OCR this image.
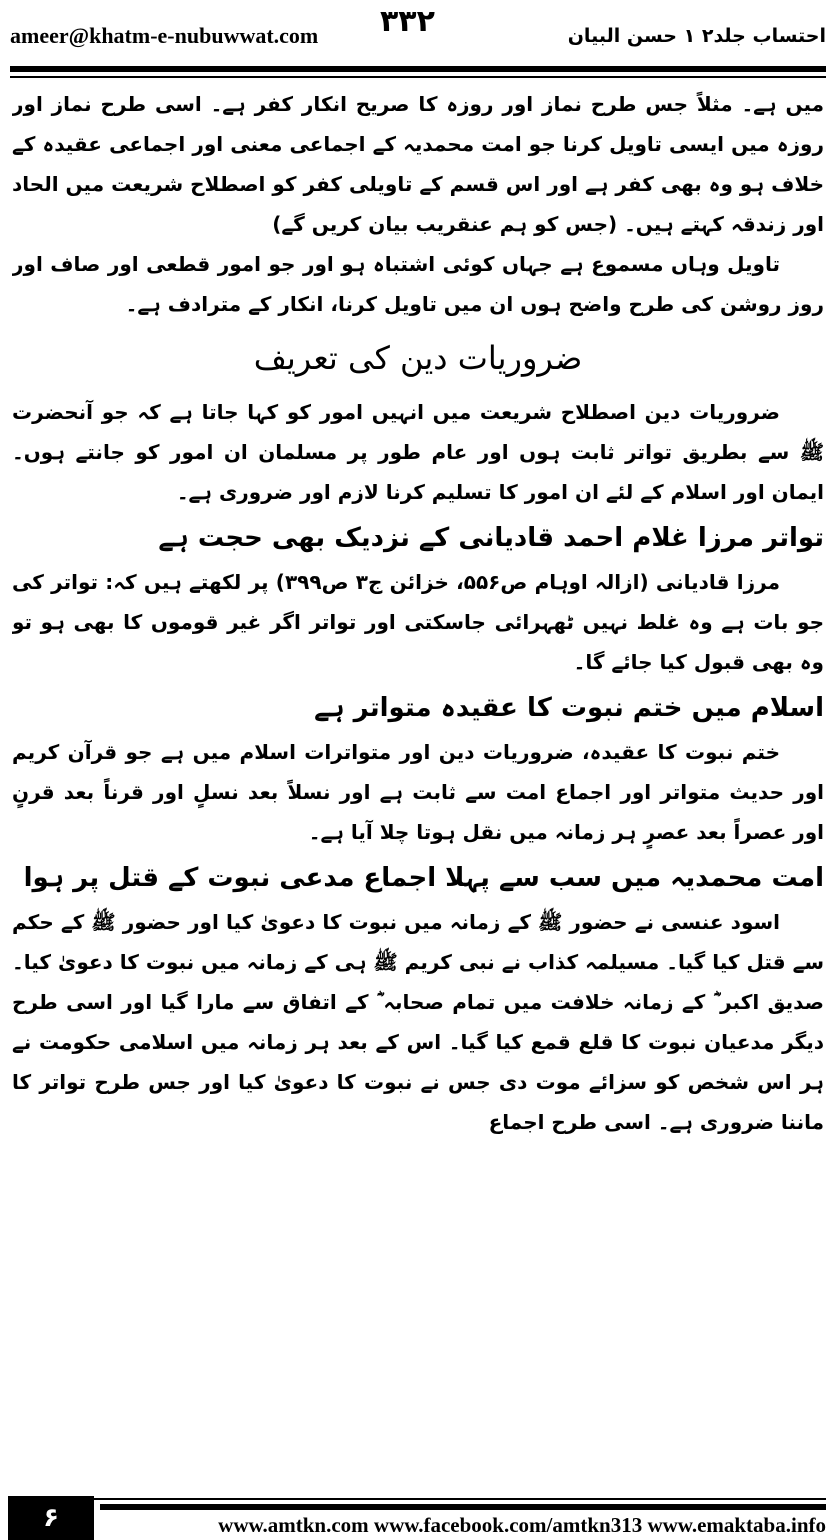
ameer@khatm-e-nubuwwat.com	احتساب جلد۲ ۱ حسن البیان
۳۳۲

میں ہے۔ مثلاً جس طرح نماز اور روزہ کا صریح انکار کفر ہے۔ اسی طرح نماز اور روزہ میں ایسی تاویل کرنا جو امت محمدیہ کے اجماعی معنی اور اجماعی عقیدہ کے خلاف ہو وہ بھی کفر ہے اور اس قسم کے تاویلی کفر کو اصطلاح شریعت میں الحاد اور زندقہ کہتے ہیں۔ (جس کو ہم عنقریب بیان کریں گے)

تاویل وہاں مسموع ہے جہاں کوئی اشتباہ ہو اور جو امور قطعی اور صاف اور روز روشن کی طرح واضح ہوں ان میں تاویل کرنا، انکار کے مترادف ہے۔

ضروریات دین کی تعریف

ضروریات دین اصطلاح شریعت میں انہیں امور کو کہا جاتا ہے کہ جو آنحضرت ﷺ سے بطریق تواتر ثابت ہوں اور عام طور پر مسلمان ان امور کو جانتے ہوں۔ ایمان اور اسلام کے لئے ان امور کا تسلیم کرنا لازم اور ضروری ہے۔

تواتر مرزا غلام احمد قادیانی کے نزدیک بھی حجت ہے

مرزا قادیانی (ازالہ اوہام ص۵۵۶، خزائن ج۳ ص۳۹۹) پر لکھتے ہیں کہ: تواتر کی جو بات ہے وہ غلط نہیں ٹھہرائی جاسکتی اور تواتر اگر غیر قوموں کا بھی ہو تو وہ بھی قبول کیا جائے گا۔

اسلام میں ختم نبوت کا عقیدہ متواتر ہے

ختم نبوت کا عقیدہ، ضروریات دین اور متواترات اسلام میں ہے جو قرآن کریم اور حدیث متواتر اور اجماع امت سے ثابت ہے اور نسلاً بعد نسلٍ اور قرناً بعد قرنٍ اور عصراً بعد عصرٍ ہر زمانہ میں نقل ہوتا چلا آیا ہے۔

امت محمدیہ میں سب سے پہلا اجماع مدعی نبوت کے قتل پر ہوا

اسود عنسی نے حضور ﷺ کے زمانہ میں نبوت کا دعویٰ کیا اور حضور ﷺ کے حکم سے قتل کیا گیا۔ مسیلمہ کذاب نے نبی کریم ﷺ ہی کے زمانہ میں نبوت کا دعویٰ کیا۔ صدیق اکبر ؓ کے زمانہ خلافت میں تمام صحابہ ؓ کے اتفاق سے مارا گیا اور اسی طرح دیگر مدعیان نبوت کا قلع قمع کیا گیا۔ اس کے بعد ہر زمانہ میں اسلامی حکومت نے ہر اس شخص کو سزائے موت دی جس نے نبوت کا دعویٰ کیا اور جس طرح تواتر کا ماننا ضروری ہے۔ اسی طرح اجماع

۶	www.amtkn.com www.facebook.com/amtkn313 www.emaktaba.info
